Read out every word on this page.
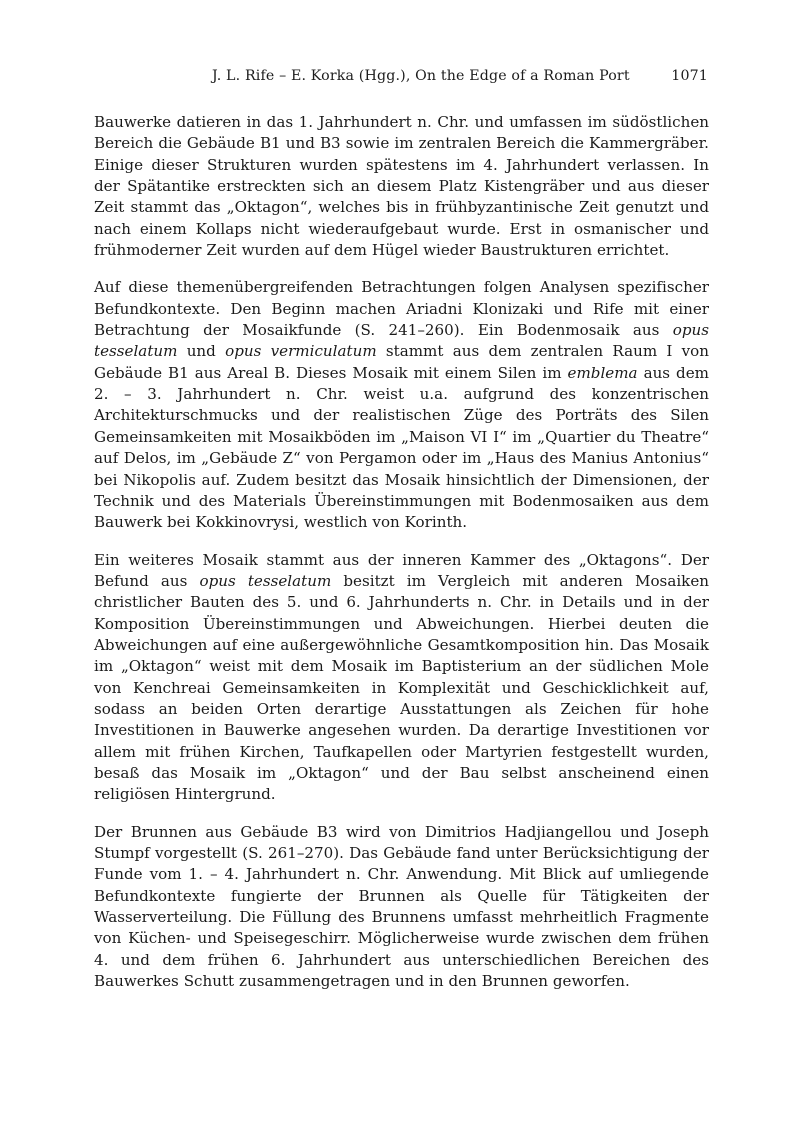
J. L. Rife – E. Korka (Hgg.), On the Edge of a Roman Port	1071

Bauwerke datieren in das 1. Jahrhundert n. Chr. und umfassen im südöstlichen Bereich die Gebäude B1 und B3 sowie im zentralen Bereich die Kammergräber. Einige dieser Strukturen wurden spätestens im 4. Jahrhundert verlassen. In der Spätantike erstreckten sich an diesem Platz Kistengräber und aus dieser Zeit stammt das „Oktagon“, welches bis in frühbyzantinische Zeit genutzt und nach einem Kollaps nicht wiederaufgebaut wurde. Erst in osmanischer und frühmoderner Zeit wurden auf dem Hügel wieder Baustrukturen errichtet.

Auf diese themenübergreifenden Betrachtungen folgen Analysen spezifischer Befundkontexte. Den Beginn machen Ariadni Klonizaki und Rife mit einer Betrachtung der Mosaikfunde (S. 241–260). Ein Bodenmosaik aus opus tesselatum und opus vermiculatum stammt aus dem zentralen Raum I von Gebäude B1 aus Areal B. Dieses Mosaik mit einem Silen im emblema aus dem 2. – 3. Jahrhundert n. Chr. weist u.a. aufgrund des konzentrischen Architekturschmucks und der realistischen Züge des Porträts des Silen Gemeinsamkeiten mit Mosaikböden im „Maison VI I“ im „Quartier du Theatre“ auf Delos, im „Gebäude Z“ von Pergamon oder im „Haus des Manius Antonius“ bei Nikopolis auf. Zudem besitzt das Mosaik hinsichtlich der Dimensionen, der Technik und des Materials Übereinstimmungen mit Bodenmosaiken aus dem Bauwerk bei Kokkinovrysi, westlich von Korinth.

Ein weiteres Mosaik stammt aus der inneren Kammer des „Oktagons“. Der Befund aus opus tesselatum besitzt im Vergleich mit anderen Mosaiken christlicher Bauten des 5. und 6. Jahrhunderts n. Chr. in Details und in der Komposition Übereinstimmungen und Abweichungen. Hierbei deuten die Abweichungen auf eine außergewöhnliche Gesamtkomposition hin. Das Mosaik im „Oktagon“ weist mit dem Mosaik im Baptisterium an der südlichen Mole von Kenchreai Gemeinsamkeiten in Komplexität und Geschicklichkeit auf, sodass an beiden Orten derartige Ausstattungen als Zeichen für hohe Investitionen in Bauwerke angesehen wurden. Da derartige Investitionen vor allem mit frühen Kirchen, Taufkapellen oder Martyrien festgestellt wurden, besaß das Mosaik im „Oktagon“ und der Bau selbst anscheinend einen religiösen Hintergrund.

Der Brunnen aus Gebäude B3 wird von Dimitrios Hadjiangellou und Joseph Stumpf vorgestellt (S. 261–270). Das Gebäude fand unter Berücksichtigung der Funde vom 1. – 4. Jahrhundert n. Chr. Anwendung. Mit Blick auf umliegende Befundkontexte fungierte der Brunnen als Quelle für Tätigkeiten der Wasserverteilung. Die Füllung des Brunnens umfasst mehrheitlich Fragmente von Küchen- und Speisegeschirr. Möglicherweise wurde zwischen dem frühen 4. und dem frühen 6. Jahrhundert aus unterschiedlichen Bereichen des Bauwerkes Schutt zusammengetragen und in den Brunnen geworfen.
